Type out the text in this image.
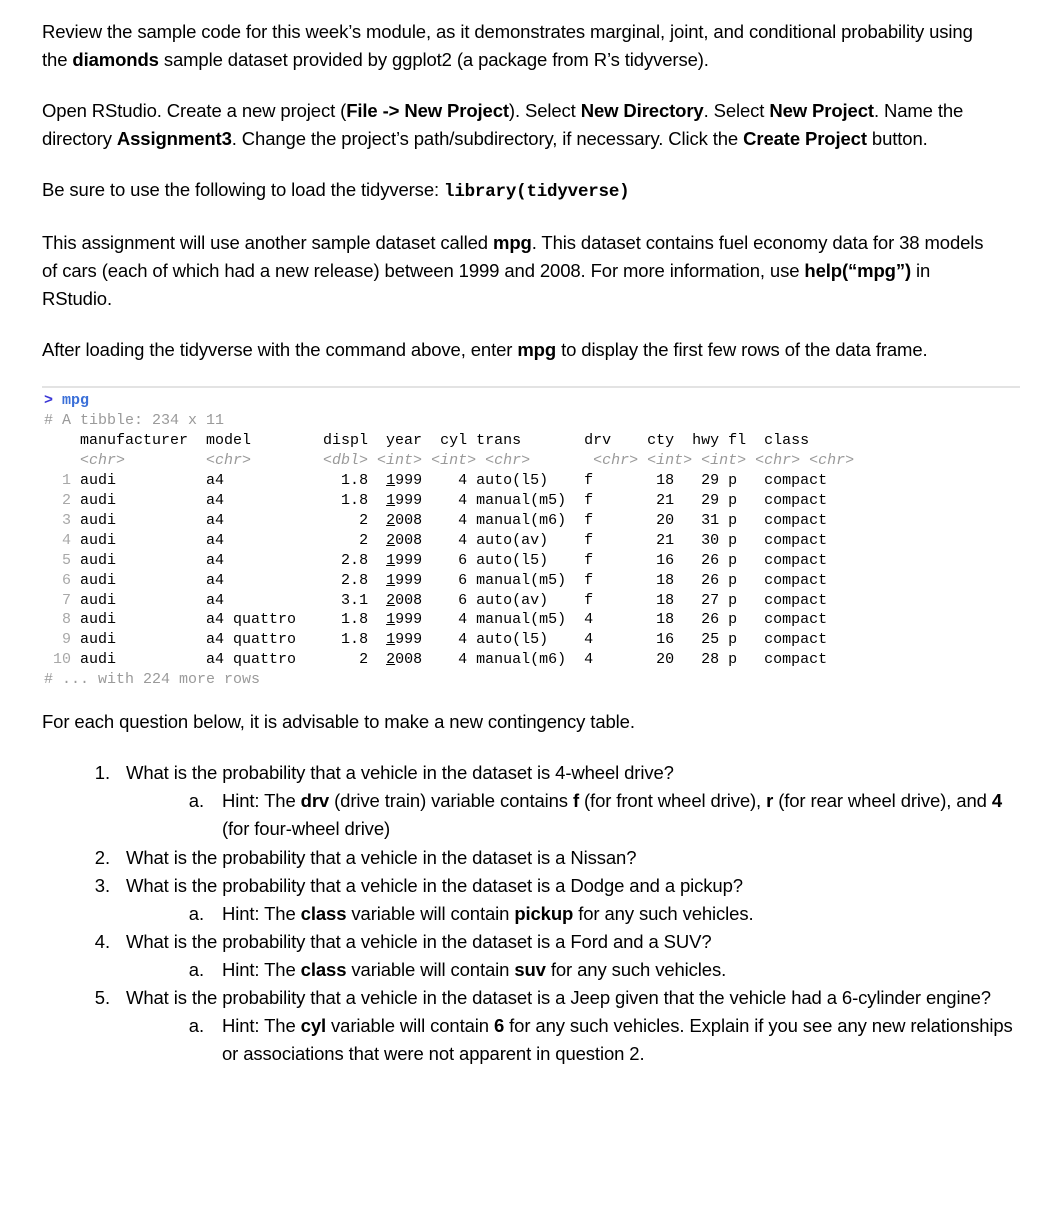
Review the sample code for this week’s module, as it demonstrates marginal, joint, and conditional probability using the diamonds sample dataset provided by ggplot2 (a package from R’s tidyverse).

Open RStudio. Create a new project (File -> New Project). Select New Directory. Select New Project. Name the directory Assignment3. Change the project’s path/subdirectory, if necessary. Click the Create Project button.

Be sure to use the following to load the tidyverse: library(tidyverse)

This assignment will use another sample dataset called mpg. This dataset contains fuel economy data for 38 models of cars (each of which had a new release) between 1999 and 2008. For more information, use help(“mpg”) in RStudio.

After loading the tidyverse with the command above, enter mpg to display the first few rows of the data frame.

> mpg
# A tibble: 234 x 11
manufacturer  model        displ  year  cyl trans       drv    cty  hwy fl  class
<chr>         <chr>        <dbl> <int> <int> <chr>       <chr> <int> <int> <chr> <chr>
1 audi          a4             1.8  1999    4 auto(l5)    f       18   29 p   compact
2 audi          a4             1.8  1999    4 manual(m5)  f       21   29 p   compact
3 audi          a4               2  2008    4 manual(m6)  f       20   31 p   compact
4 audi          a4               2  2008    4 auto(av)    f       21   30 p   compact
5 audi          a4             2.8  1999    6 auto(l5)    f       16   26 p   compact
6 audi          a4             2.8  1999    6 manual(m5)  f       18   26 p   compact
7 audi          a4             3.1  2008    6 auto(av)    f       18   27 p   compact
8 audi          a4 quattro     1.8  1999    4 manual(m5)  4       18   26 p   compact
9 audi          a4 quattro     1.8  1999    4 auto(l5)    4       16   25 p   compact
10 audi          a4 quattro       2  2008    4 manual(m6)  4       20   28 p   compact
# ... with 224 more rows

For each question below, it is advisable to make a new contingency table.

1. What is the probability that a vehicle in the dataset is 4-wheel drive?
a. Hint: The drv (drive train) variable contains f (for front wheel drive), r (for rear wheel drive), and 4 (for four-wheel drive)
2. What is the probability that a vehicle in the dataset is a Nissan?
3. What is the probability that a vehicle in the dataset is a Dodge and a pickup?
a. Hint: The class variable will contain pickup for any such vehicles.
4. What is the probability that a vehicle in the dataset is a Ford and a SUV?
a. Hint: The class variable will contain suv for any such vehicles.
5. What is the probability that a vehicle in the dataset is a Jeep given that the vehicle had a 6-cylinder engine?
a. Hint: The cyl variable will contain 6 for any such vehicles. Explain if you see any new relationships or associations that were not apparent in question 2.
